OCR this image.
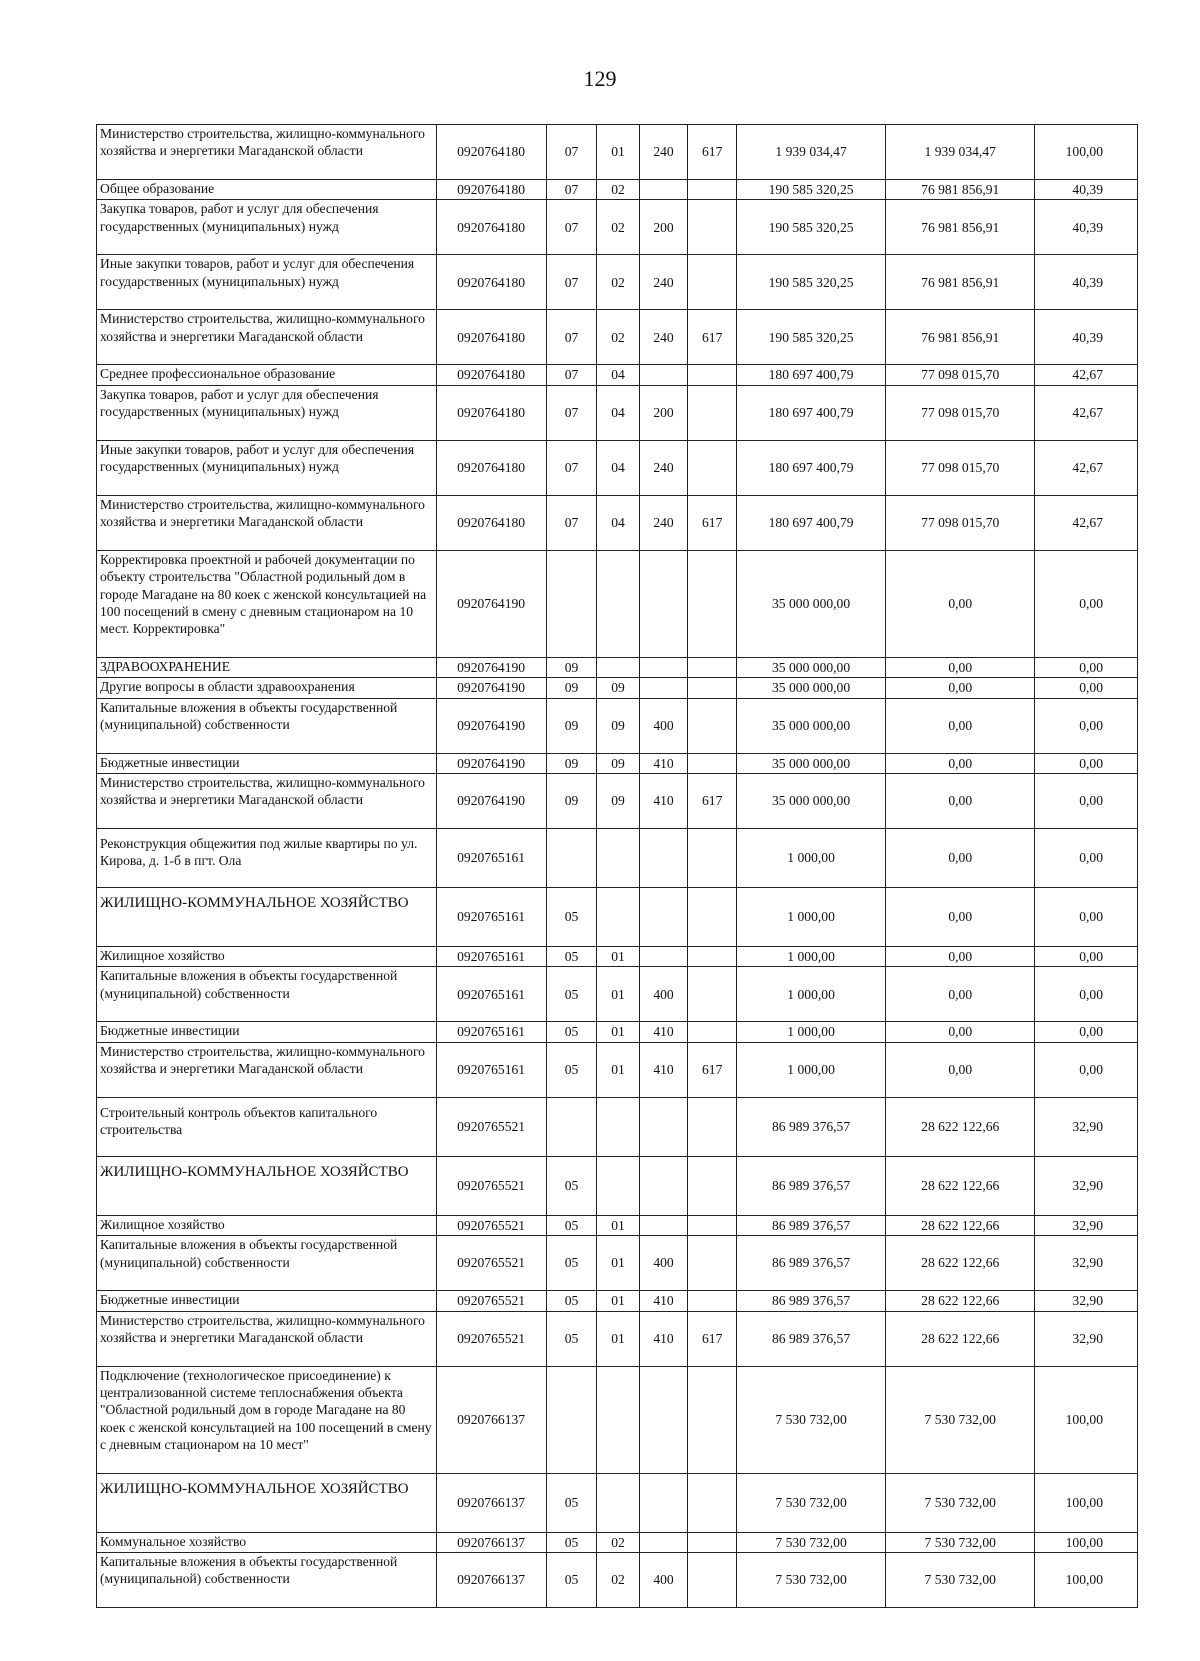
129
Министерство строительства, жилищно-коммунального хозяйства и энергетики Магаданской области	0920764180	07	01	240	617	1 939 034,47	1 939 034,47	100,00
Общее образование	0920764180	07	02			190 585 320,25	76 981 856,91	40,39
Закупка товаров, работ и услуг для обеспечения государственных (муниципальных) нужд	0920764180	07	02	200		190 585 320,25	76 981 856,91	40,39
Иные закупки товаров, работ и услуг для обеспечения государственных (муниципальных) нужд	0920764180	07	02	240		190 585 320,25	76 981 856,91	40,39
Министерство строительства, жилищно-коммунального хозяйства и энергетики Магаданской области	0920764180	07	02	240	617	190 585 320,25	76 981 856,91	40,39
Среднее профессиональное образование	0920764180	07	04			180 697 400,79	77 098 015,70	42,67
Закупка товаров, работ и услуг для обеспечения государственных (муниципальных) нужд	0920764180	07	04	200		180 697 400,79	77 098 015,70	42,67
Иные закупки товаров, работ и услуг для обеспечения государственных (муниципальных) нужд	0920764180	07	04	240		180 697 400,79	77 098 015,70	42,67
Министерство строительства, жилищно-коммунального хозяйства и энергетики Магаданской области	0920764180	07	04	240	617	180 697 400,79	77 098 015,70	42,67
Корректировка проектной и рабочей документации по объекту строительства "Областной родильный дом в городе Магадане на 80 коек с женской консультацией на 100 посещений в смену с дневным стационаром на 10 мест. Корректировка"	0920764190					35 000 000,00	0,00	0,00
ЗДРАВООХРАНЕНИЕ	0920764190	09				35 000 000,00	0,00	0,00
Другие вопросы в области здравоохранения	0920764190	09	09			35 000 000,00	0,00	0,00
Капитальные вложения в объекты государственной (муниципальной) собственности	0920764190	09	09	400		35 000 000,00	0,00	0,00
Бюджетные инвестиции	0920764190	09	09	410		35 000 000,00	0,00	0,00
Министерство строительства, жилищно-коммунального хозяйства и энергетики Магаданской области	0920764190	09	09	410	617	35 000 000,00	0,00	0,00
Реконструкция общежития под жилые квартиры по ул. Кирова, д. 1-б в пгт. Ола	0920765161					1 000,00	0,00	0,00
ЖИЛИЩНО-КОММУНАЛЬНОЕ ХОЗЯЙСТВО	0920765161	05				1 000,00	0,00	0,00
Жилищное хозяйство	0920765161	05	01			1 000,00	0,00	0,00
Капитальные вложения в объекты государственной (муниципальной) собственности	0920765161	05	01	400		1 000,00	0,00	0,00
Бюджетные инвестиции	0920765161	05	01	410		1 000,00	0,00	0,00
Министерство строительства, жилищно-коммунального хозяйства и энергетики Магаданской области	0920765161	05	01	410	617	1 000,00	0,00	0,00
Строительный контроль объектов капитального строительства	0920765521					86 989 376,57	28 622 122,66	32,90
ЖИЛИЩНО-КОММУНАЛЬНОЕ ХОЗЯЙСТВО	0920765521	05				86 989 376,57	28 622 122,66	32,90
Жилищное хозяйство	0920765521	05	01			86 989 376,57	28 622 122,66	32,90
Капитальные вложения в объекты государственной (муниципальной) собственности	0920765521	05	01	400		86 989 376,57	28 622 122,66	32,90
Бюджетные инвестиции	0920765521	05	01	410		86 989 376,57	28 622 122,66	32,90
Министерство строительства, жилищно-коммунального хозяйства и энергетики Магаданской области	0920765521	05	01	410	617	86 989 376,57	28 622 122,66	32,90
Подключение (технологическое присоединение) к централизованной системе теплоснабжения объекта "Областной родильный дом в городе Магадане на 80 коек с женской консультацией на 100 посещений в смену с дневным стационаром на 10 мест"	0920766137					7 530 732,00	7 530 732,00	100,00
ЖИЛИЩНО-КОММУНАЛЬНОЕ ХОЗЯЙСТВО	0920766137	05				7 530 732,00	7 530 732,00	100,00
Коммунальное хозяйство	0920766137	05	02			7 530 732,00	7 530 732,00	100,00
Капитальные вложения в объекты государственной (муниципальной) собственности	0920766137	05	02	400		7 530 732,00	7 530 732,00	100,00
